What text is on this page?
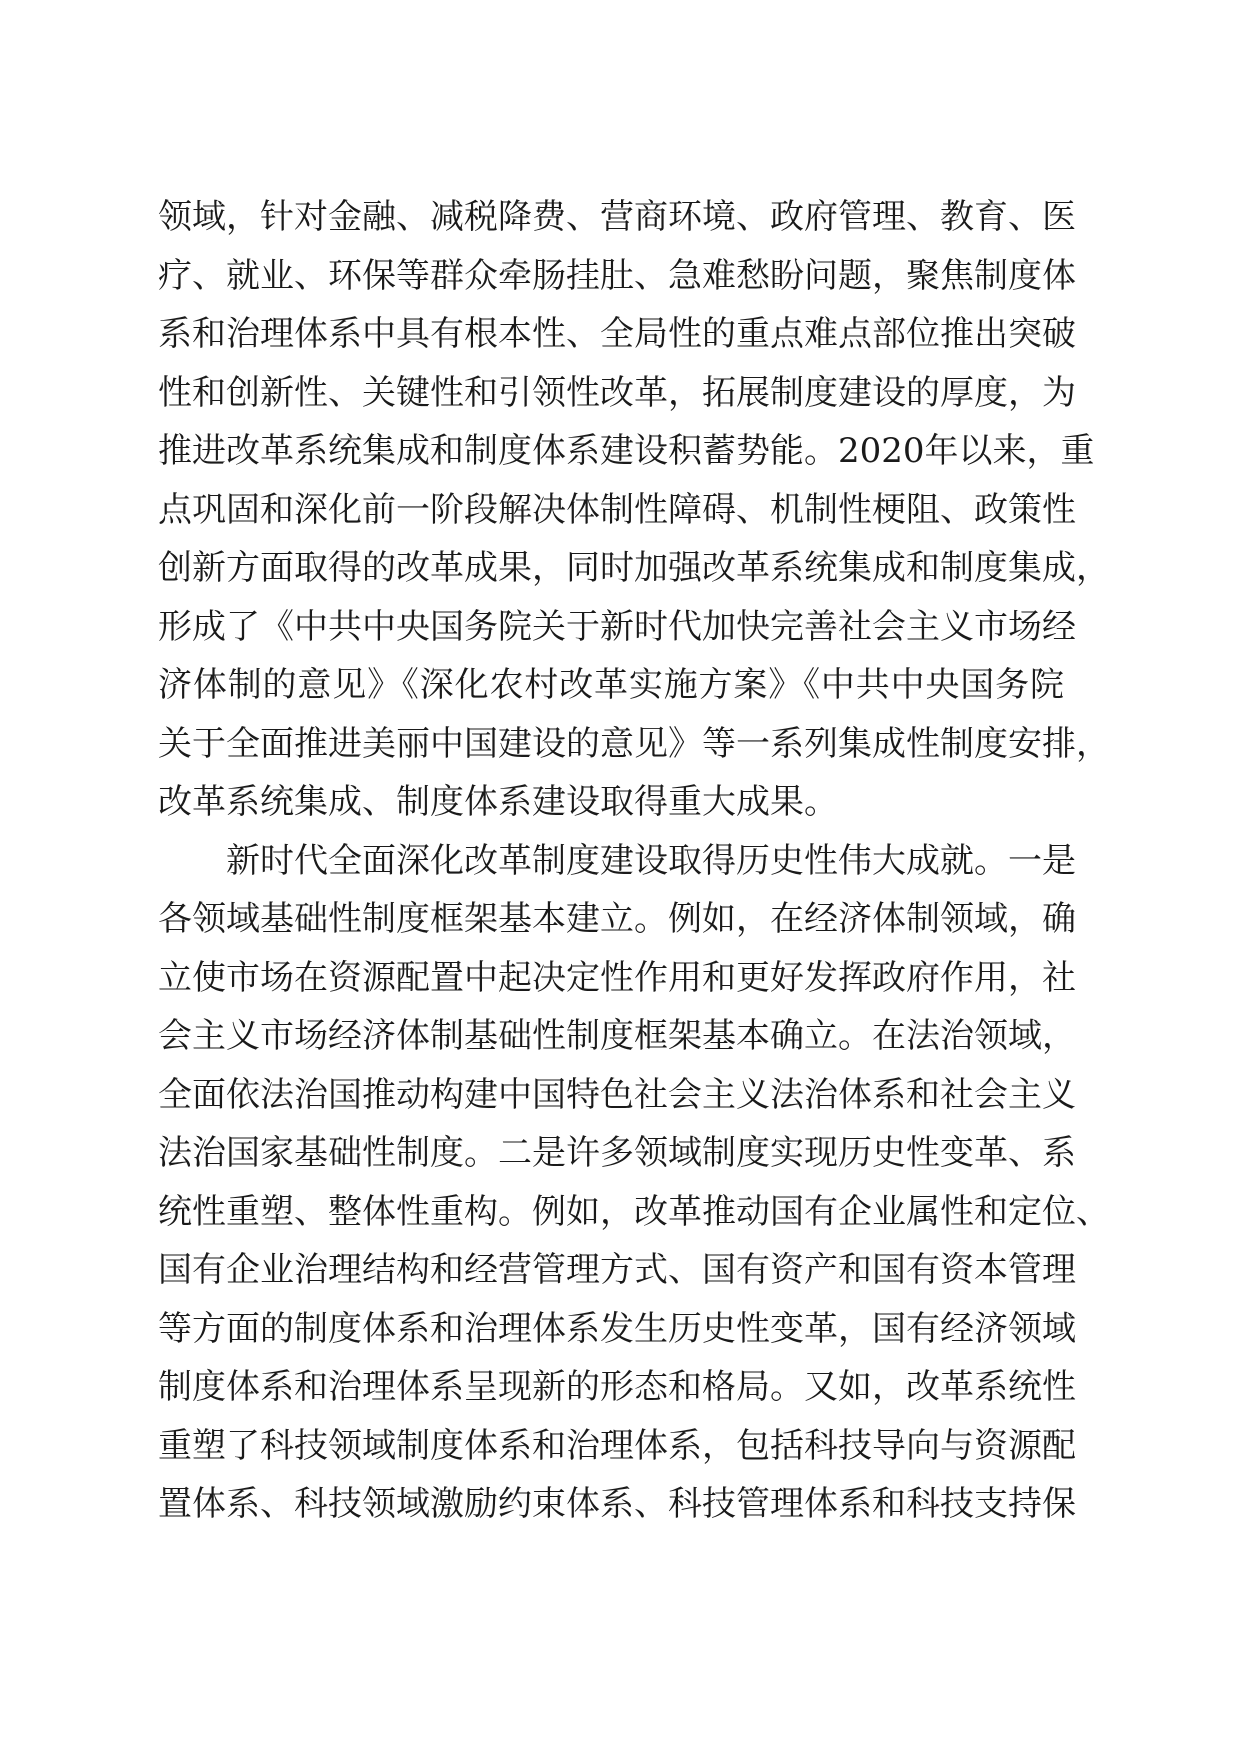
领域，针对金融、减税降费、营商环境、政府管理、教育、医
疗、就业、环保等群众牵肠挂肚、急难愁盼问题，聚焦制度体
系和治理体系中具有根本性、全局性的重点难点部位推出突破
性和创新性、关键性和引领性改革，拓展制度建设的厚度，为
推进改革系统集成和制度体系建设积蓄势能。2020年以来，重
点巩固和深化前一阶段解决体制性障碍、机制性梗阻、政策性
创新方面取得的改革成果，同时加强改革系统集成和制度集成，
形成了《中共中央国务院关于新时代加快完善社会主义市场经
济体制的意见》《深化农村改革实施方案》《中共中央国务院
关于全面推进美丽中国建设的意见》等一系列集成性制度安排，
改革系统集成、制度体系建设取得重大成果。
新时代全面深化改革制度建设取得历史性伟大成就。一是
各领域基础性制度框架基本建立。例如，在经济体制领域，确
立使市场在资源配置中起决定性作用和更好发挥政府作用，社
会主义市场经济体制基础性制度框架基本确立。在法治领域，
全面依法治国推动构建中国特色社会主义法治体系和社会主义
法治国家基础性制度。二是许多领域制度实现历史性变革、系
统性重塑、整体性重构。例如，改革推动国有企业属性和定位、
国有企业治理结构和经营管理方式、国有资产和国有资本管理
等方面的制度体系和治理体系发生历史性变革，国有经济领域
制度体系和治理体系呈现新的形态和格局。又如，改革系统性
重塑了科技领域制度体系和治理体系，包括科技导向与资源配
置体系、科技领域激励约束体系、科技管理体系和科技支持保
